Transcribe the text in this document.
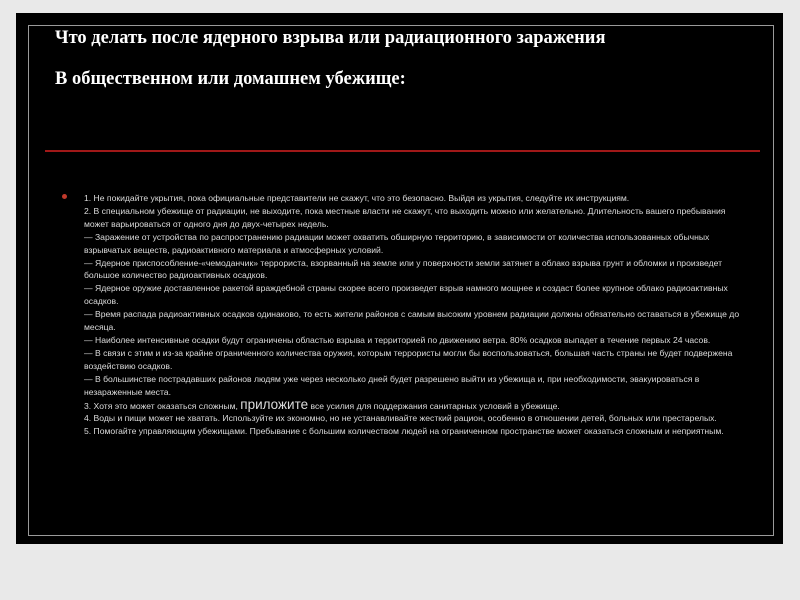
Что делать после ядерного взрыва или радиационного заражения
В общественном или домашнем убежище:

1. Не покидайте укрытия, пока официальные представители не скажут, что это безопасно. Выйдя из укрытия, следуйте их инструкциям.

2. В специальном убежище от радиации, не выходите, пока местные власти не скажут, что выходить можно или желательно. Длительность вашего пребывания может варьироваться от одного дня до двух-четырех недель.

— Заражение от устройства по распространению радиации может охватить обширную территорию, в зависимости от количества использованных обычных взрывчатых веществ, радиоактивного материала и атмосферных условий.

— Ядерное приспособление-«чемоданчик» террориста, взорванный на земле или у поверхности земли затянет в облако взрыва грунт и обломки и произведет большое количество радиоактивных осадков.

— Ядерное оружие доставленное ракетой враждебной страны скорее всего произведет взрыв намного мощнее и создаст более крупное облако радиоактивных осадков.

— Время распада радиоактивных осадков одинаково, то есть жители районов с самым высоким уровнем радиации должны обязательно оставаться в убежище до месяца.

— Наиболее интенсивные осадки будут ограничены областью взрыва и территорией по движению ветра. 80% осадков выпадет в течение первых 24 часов.

— В связи с этим и из-за крайне ограниченного количества оружия, которым террористы могли бы воспользоваться, большая часть страны не будет подвержена воздействию осадков.

— В большинстве пострадавших районов людям уже через несколько дней будет разрешено выйти из убежища и, при необходимости, эвакуироваться в незараженные места.

3. Хотя это может оказаться сложным, приложите все усилия для поддержания санитарных условий в убежище.

4. Воды и пищи может не хватать. Используйте их экономно, но не устанавливайте жесткий рацион, особенно в отношении детей, больных или престарелых.

5. Помогайте управляющим убежищами. Пребывание с большим количеством людей на ограниченном пространстве может оказаться сложным и неприятным.
